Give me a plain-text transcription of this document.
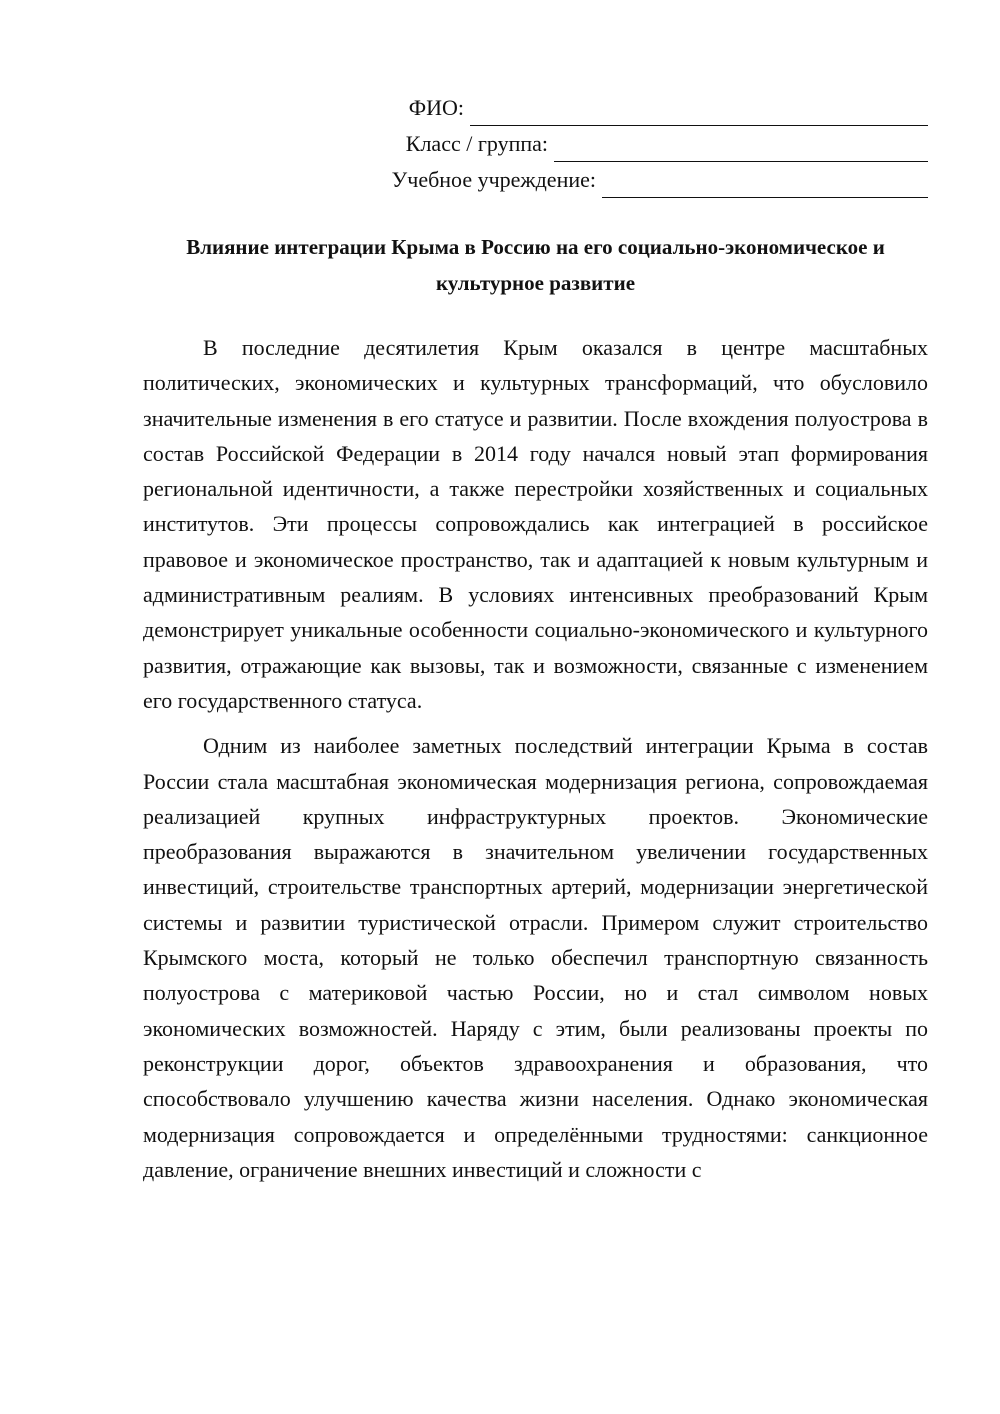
ФИО:
Класс / группа:
Учебное учреждение:
Влияние интеграции Крыма в Россию на его социально-экономическое и культурное развитие

В последние десятилетия Крым оказался в центре масштабных политических, экономических и культурных трансформаций, что обусловило значительные изменения в его статусе и развитии. После вхождения полуострова в состав Российской Федерации в 2014 году начался новый этап формирования региональной идентичности, а также перестройки хозяйственных и социальных институтов. Эти процессы сопровождались как интеграцией в российское правовое и экономическое пространство, так и адаптацией к новым культурным и административным реалиям. В условиях интенсивных преобразований Крым демонстрирует уникальные особенности социально-экономического и культурного развития, отражающие как вызовы, так и возможности, связанные с изменением его государственного статуса.

Одним из наиболее заметных последствий интеграции Крыма в состав России стала масштабная экономическая модернизация региона, сопровождаемая реализацией крупных инфраструктурных проектов. Экономические преобразования выражаются в значительном увеличении государственных инвестиций, строительстве транспортных артерий, модернизации энергетической системы и развитии туристической отрасли. Примером служит строительство Крымского моста, который не только обеспечил транспортную связанность полуострова с материковой частью России, но и стал символом новых экономических возможностей. Наряду с этим, были реализованы проекты по реконструкции дорог, объектов здравоохранения и образования, что способствовало улучшению качества жизни населения. Однако экономическая модернизация сопровождается и определёнными трудностями: санкционное давление, ограничение внешних инвестиций и сложности с
